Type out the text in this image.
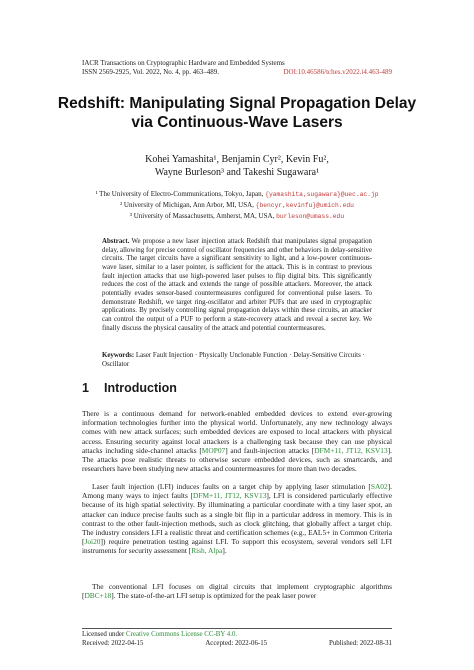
IACR Transactions on Cryptographic Hardware and Embedded Systems
ISSN 2569-2925, Vol. 2022, No. 4, pp. 463–489.	DOI:10.46586/tches.v2022.i4.463-489
Redshift: Manipulating Signal Propagation Delay
via Continuous-Wave Lasers
Kohei Yamashita¹, Benjamin Cyr², Kevin Fu²,
Wayne Burleson³ and Takeshi Sugawara¹
¹ The University of Electro-Communications, Tokyo, Japan, {yamashita,sugawara}@uec.ac.jp
² University of Michigan, Ann Arbor, MI, USA, {bencyr,kevinfu}@umich.edu
³ University of Massachusetts, Amherst, MA, USA, burleson@umass.edu
Abstract. We propose a new laser injection attack Redshift that manipulates signal propagation delay, allowing for precise control of oscillator frequencies and other behaviors in delay-sensitive circuits. The target circuits have a significant sensitivity to light, and a low-power continuous-wave laser, similar to a laser pointer, is sufficient for the attack. This is in contrast to previous fault injection attacks that use high-powered laser pulses to flip digital bits. This significantly reduces the cost of the attack and extends the range of possible attackers. Moreover, the attack potentially evades sensor-based countermeasures configured for conventional pulse lasers. To demonstrate Redshift, we target ring-oscillator and arbiter PUFs that are used in cryptographic applications. By precisely controlling signal propagation delays within these circuits, an attacker can control the output of a PUF to perform a state-recovery attack and reveal a secret key. We finally discuss the physical causality of the attack and potential countermeasures.
Keywords: Laser Fault Injection · Physically Unclonable Function · Delay-Sensitive Circuits · Oscillator
1 Introduction
There is a continuous demand for network-enabled embedded devices to extend ever-growing information technologies further into the physical world. Unfortunately, any new technology always comes with new attack surfaces; such embedded devices are exposed to local attackers with physical access. Ensuring security against local attackers is a challenging task because they can use physical attacks including side-channel attacks [MOP07] and fault-injection attacks [DFM+11, JT12, KSV13]. The attacks pose realistic threats to otherwise secure embedded devices, such as smartcards, and researchers have been studying new attacks and countermeasures for more than two decades.
Laser fault injection (LFI) induces faults on a target chip by applying laser stimulation [SA02]. Among many ways to inject faults [DFM+11, JT12, KSV13], LFI is considered particularly effective because of its high spatial selectivity. By illuminating a particular coordinate with a tiny laser spot, an attacker can induce precise faults such as a single bit flip in a particular address in memory. This is in contrast to the other fault-injection methods, such as clock glitching, that globally affect a target chip. The industry considers LFI a realistic threat and certification schemes (e.g., EAL5+ in Common Criteria [Joi20]) require penetration testing against LFI. To support this ecosystem, several vendors sell LFI instruments for security assessment [Rish, Alpa].
The conventional LFI focuses on digital circuits that implement cryptographic algorithms [DBC+18]. The state-of-the-art LFI setup is optimized for the peak laser power
Licensed under Creative Commons License CC-BY 4.0.
Received: 2022-04-15	Accepted: 2022-06-15	Published: 2022-08-31
